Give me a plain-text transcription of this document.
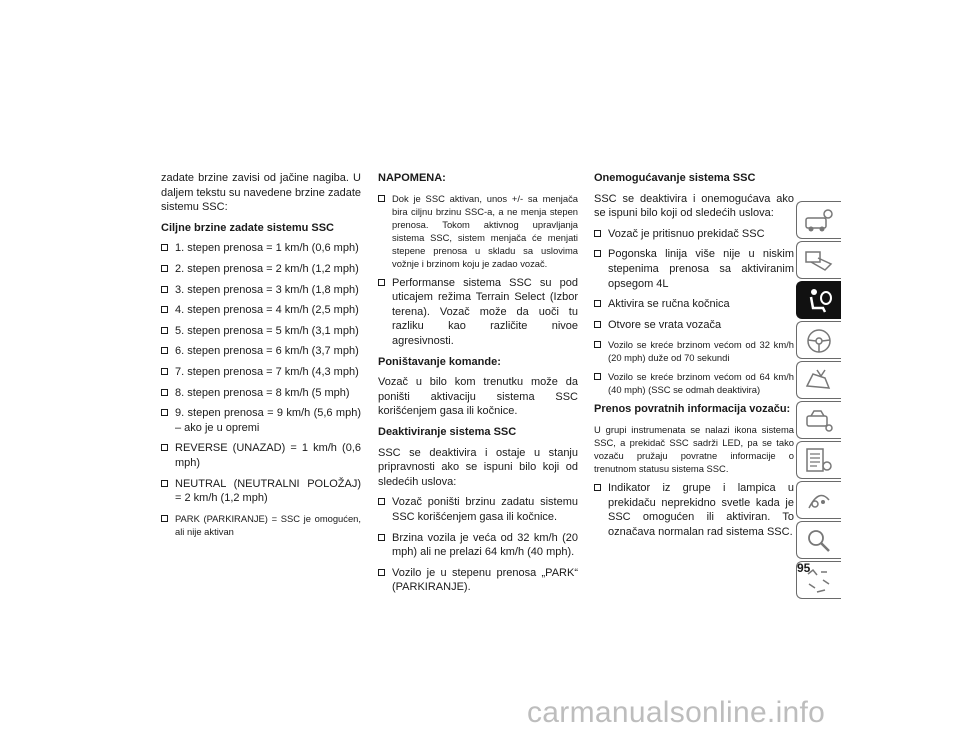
zadate brzine zavisi od jačine nagiba. U daljem tekstu su navedene brzine zadate sistemu SSC:

Ciljne brzine zadate sistemu SSC
1. stepen prenosa = 1 km/h (0,6 mph)
2. stepen prenosa = 2 km/h (1,2 mph)
3. stepen prenosa = 3 km/h (1,8 mph)
4. stepen prenosa = 4 km/h (2,5 mph)
5. stepen prenosa = 5 km/h (3,1 mph)
6. stepen prenosa = 6 km/h (3,7 mph)
7. stepen prenosa = 7 km/h (4,3 mph)
8. stepen prenosa = 8 km/h (5 mph)
9. stepen prenosa = 9 km/h (5,6 mph) – ako je u opremi
REVERSE (UNAZAD) = 1 km/h (0,6 mph)
NEUTRAL (NEUTRALNI POLOŽAJ) = 2 km/h (1,2 mph)
PARK (PARKIRANJE) = SSC je omogućen, ali nije aktivan
NAPOMENA:
Dok je SSC aktivan, unos +/- sa menjača bira ciljnu brzinu SSC-a, a ne menja stepen prenosa. Tokom aktivnog upravljanja sistema SSC, sistem menjača će menjati stepene prenosa u skladu sa uslovima vožnje i brzinom koju je zadao vozač.
Performanse sistema SSC su pod uticajem režima Terrain Select (Izbor terena). Vozač može da uoči tu razliku kao različite nivoe agresivnosti.
Poništavanje komande:

Vozač u bilo kom trenutku može da poništi aktivaciju sistema SSC korišćenjem gasa ili kočnice.

Deaktiviranje sistema SSC

SSC se deaktivira i ostaje u stanju pripravnosti ako se ispuni bilo koji od sledećih uslova:

Vozač poništi brzinu zadatu sistemu SSC korišćenjem gasa ili kočnice.
Brzina vozila je veća od 32 km/h (20 mph) ali ne prelazi 64 km/h (40 mph).
Vozilo je u stepenu prenosa „PARK“ (PARKIRANJE).
Onemogućavanje sistema SSC

SSC se deaktivira i onemogućava ako se ispuni bilo koji od sledećih uslova:

Vozač je pritisnuo prekidač SSC
Pogonska linija više nije u niskim stepenima prenosa sa aktiviranim opsegom 4L
Aktivira se ručna kočnica
Otvore se vrata vozača
Vozilo se kreće brzinom većom od 32 km/h (20 mph) duže od 70 sekundi
Vozilo se kreće brzinom većom od 64 km/h (40 mph) (SSC se odmah deaktivira)
Prenos povratnih informacija vozaču:

U grupi instrumenata se nalazi ikona sistema SSC, a prekidač SSC sadrži LED, pa se tako vozaču pružaju povratne informacije o trenutnom statusu sistema SSC.

Indikator iz grupe i lampica u prekidaču neprekidno svetle kada je SSC omogućen ili aktiviran. To označava normalan rad sistema SSC.
95
carmanualsonline.info
